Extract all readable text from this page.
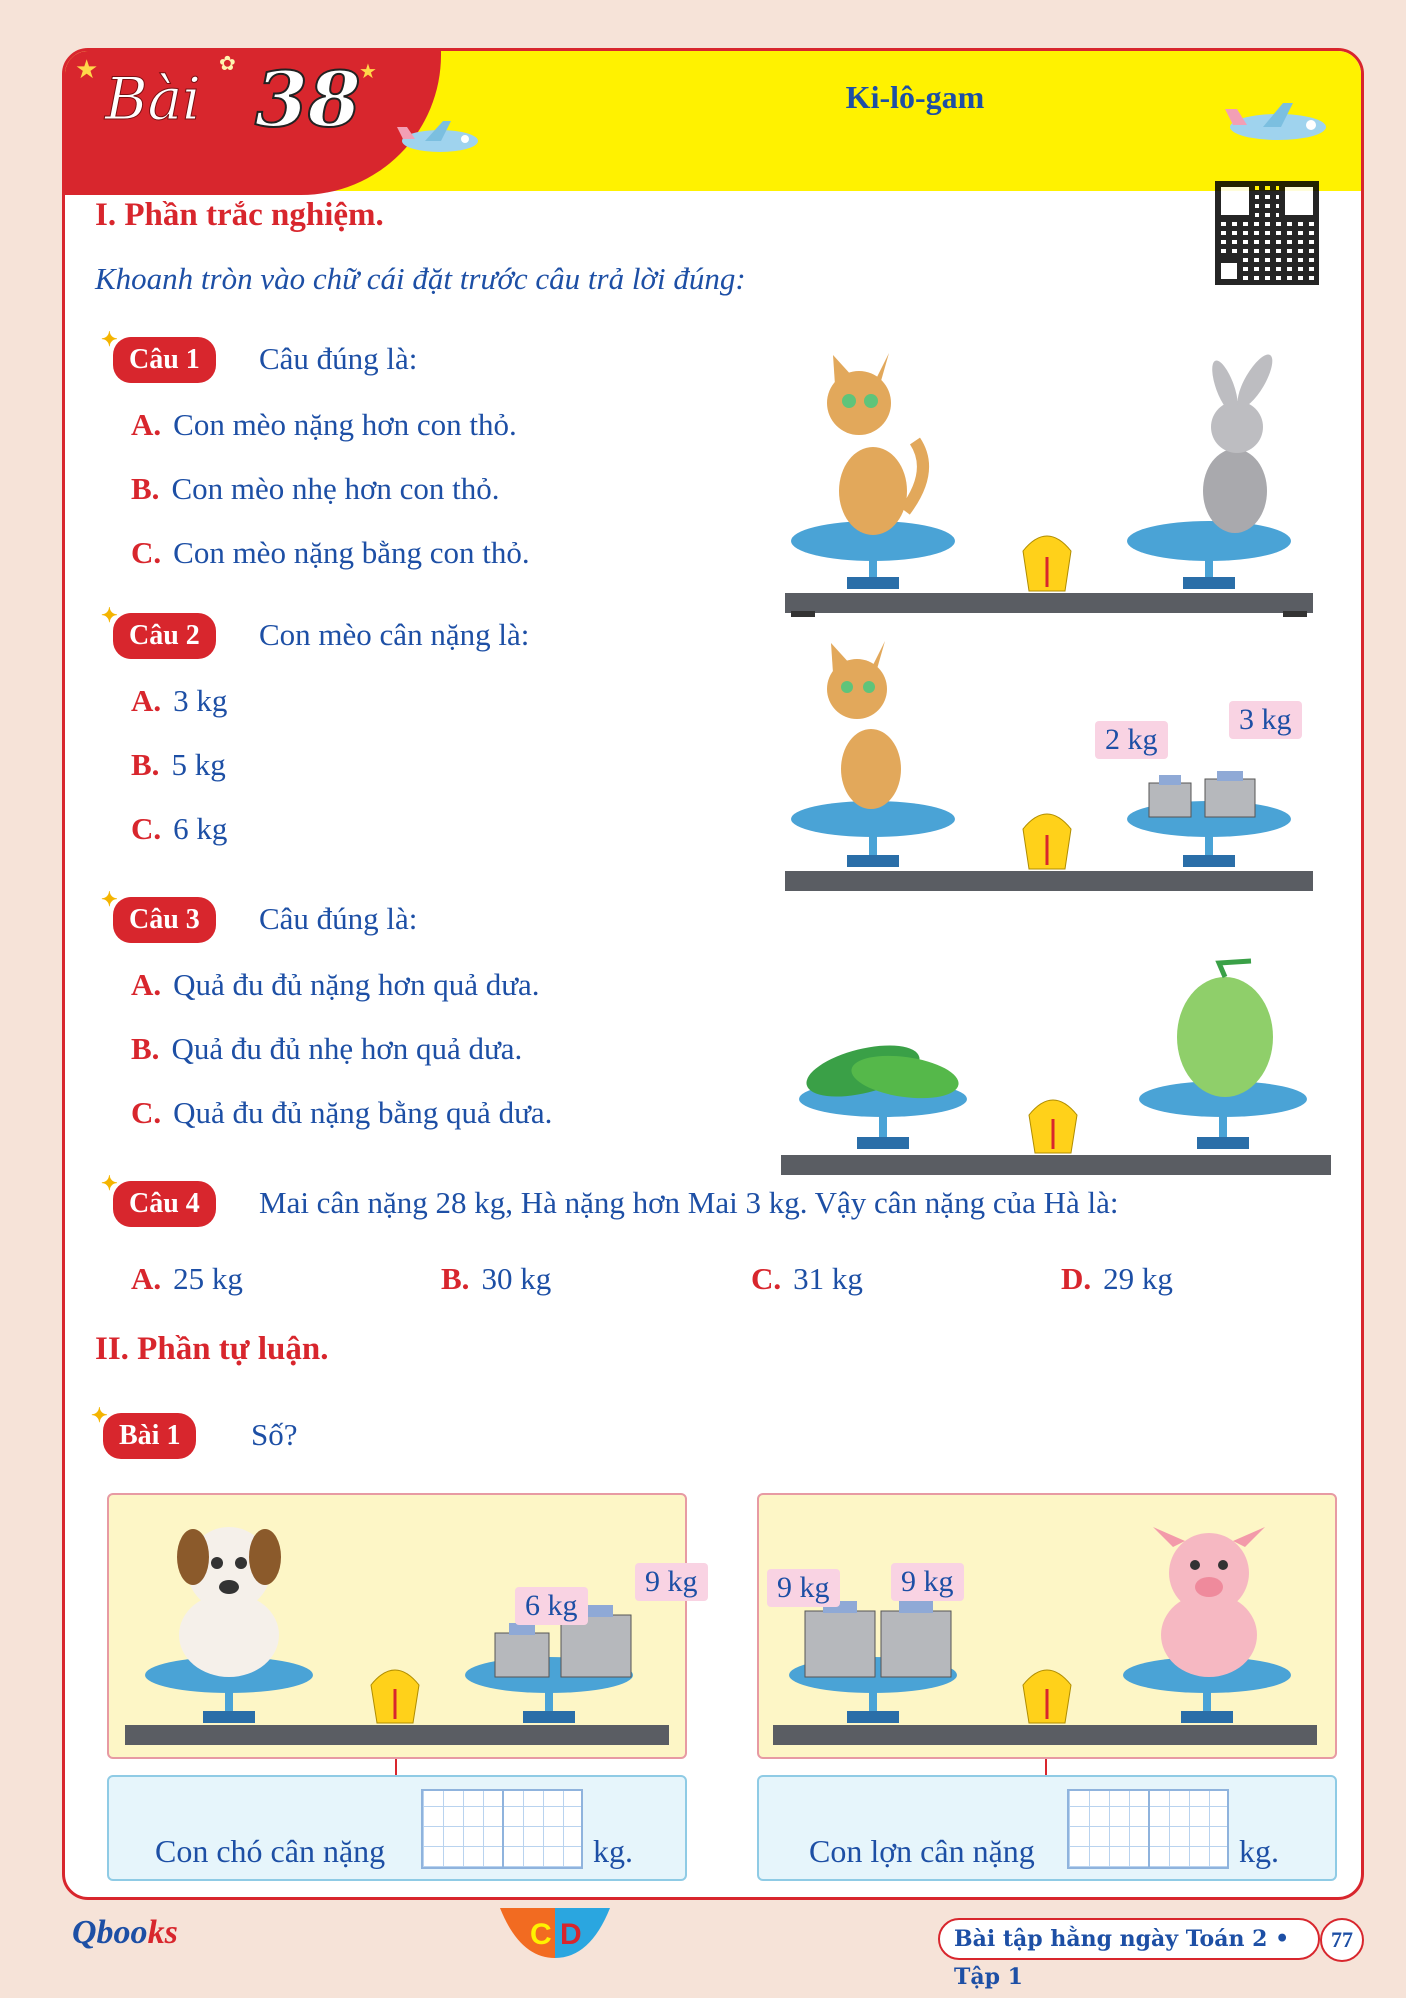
★	✿	★
Bài 38	Ki-lô-gam
I. Phần trắc nghiệm.
Khoanh tròn vào chữ cái đặt trước câu trả lời đúng:
✦
Câu 1	Câu đúng là:
A. Con mèo nặng hơn con thỏ.
B. Con mèo nhẹ hơn con thỏ.
C. Con mèo nặng bằng con thỏ.
✦
Câu 2	Con mèo cân nặng là:
A. 3 kg
B. 5 kg
C. 6 kg
2 kg
3 kg
✦
Câu 3	Câu đúng là:
A. Quả đu đủ nặng hơn quả dưa.
B. Quả đu đủ nhẹ hơn quả dưa.
C. Quả đu đủ nặng bằng quả dưa.
✦
Câu 4	Mai cân nặng 28 kg, Hà nặng hơn Mai 3 kg. Vậy cân nặng của Hà là:
A. 25 kg	B. 30 kg	C. 31 kg	D. 29 kg
II. Phần tự luận.
✦
Bài 1	Số?
6 kg
9 kg
Con chó cân nặng	kg.
9 kg	9 kg
Con lợn cân nặng	kg.
Qbooks	C D	Bài tập hằng ngày Toán 2 • Tập 1
77
